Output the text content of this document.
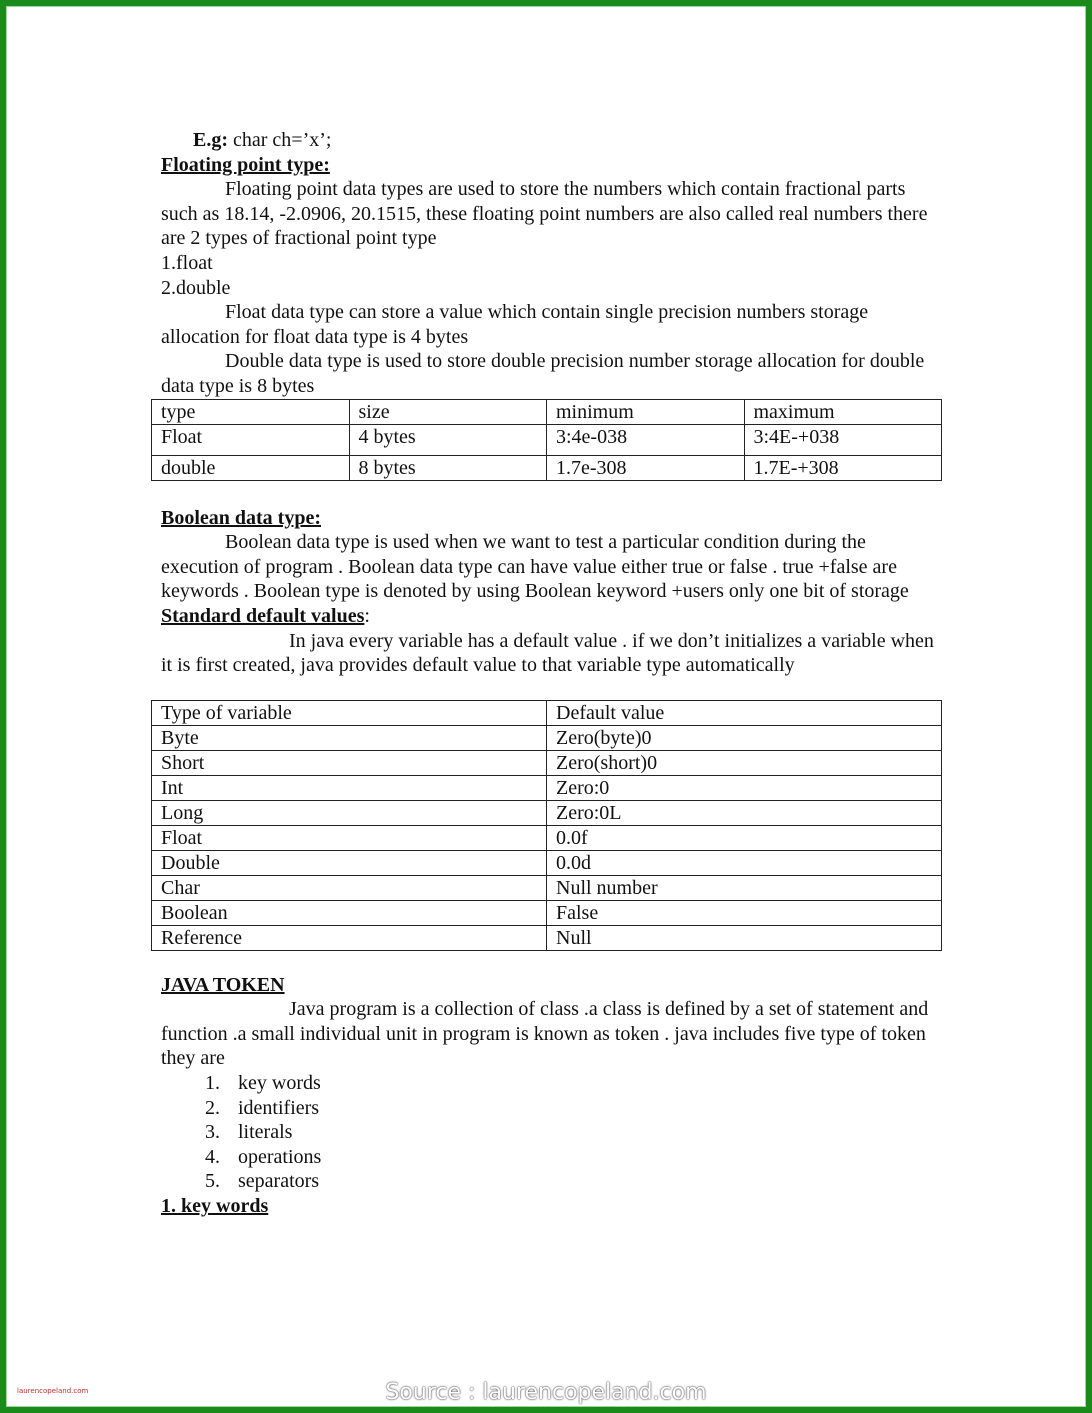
E.g: char ch=’x’;

Floating point type:

Floating point data types are used to store the numbers which contain fractional parts such as 18.14, -2.0906, 20.1515, these floating point numbers are also called real numbers there are 2 types of fractional point type

1.float

2.double

Float data type can store a value which contain single precision numbers storage allocation for float data type is 4 bytes

Double data type is used to store double precision number storage allocation for double data type is 8 bytes

type	size	minimum	maximum
Float	4 bytes	3:4e-038	3:4E-+038
double	8 bytes	1.7e-308	1.7E-+308

Boolean data type:

Boolean data type is used when we want to test a particular condition during the execution of program . Boolean data type can have value either true or false . true +false are keywords . Boolean type is denoted by using Boolean keyword +users only one bit of storage

Standard default values:

In java every variable has a default value . if we don’t initializes a variable when it is first created, java provides default value to that variable type automatically

Type of variable	Default value
Byte	Zero(byte)0
Short	Zero(short)0
Int	Zero:0
Long	Zero:0L
Float	0.0f
Double	0.0d
Char	Null number
Boolean	False
Reference	Null

JAVA TOKEN

Java program is a collection of class .a class is defined by a set of statement and function .a small individual unit in program is known as token . java includes five type of token they are

1. key words
2. identifiers
3. literals
4. operations
5. separators

1. key words

laurencopeland.com	Source : laurencopeland.com
